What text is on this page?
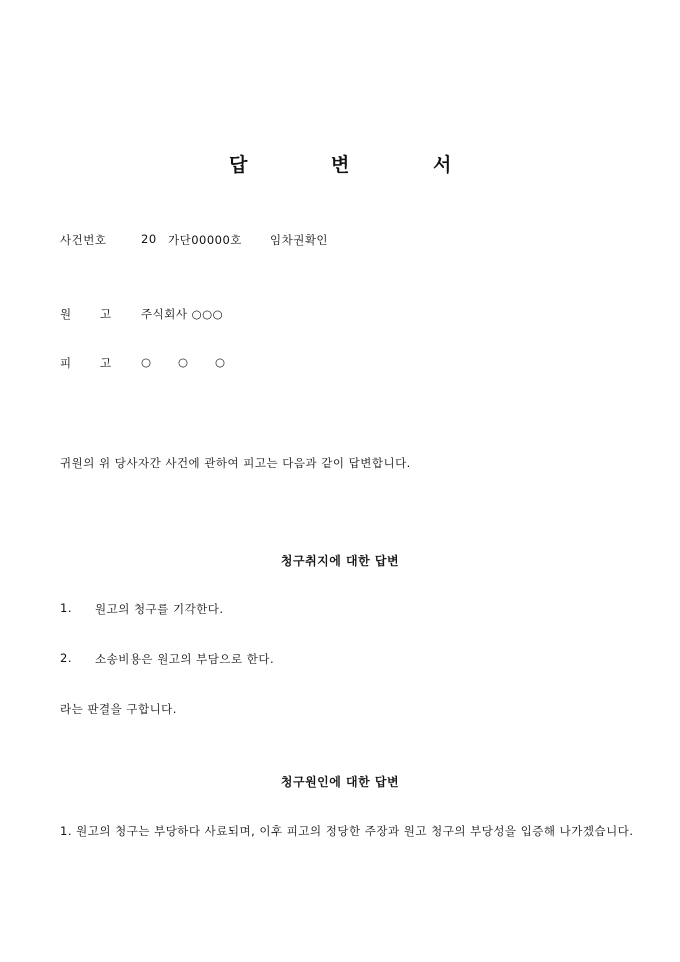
답	변	서
사건번호	20 가단00000호 임차권확인
원 고	주식회사 ○○○
피 고	○ ○ ○
귀원의 위 당사자간 사건에 관하여 피고는 다음과 같이 답변합니다.
청구취지에 대한 답변
1. 원고의 청구를 기각한다.
2. 소송비용은 원고의 부담으로 한다.
라는 판결을 구합니다.
청구원인에 대한 답변
1. 원고의 청구는 부당하다 사료되며, 이후 피고의 정당한 주장과 원고 청구의 부당성을 입증해 나가겠습니다.
